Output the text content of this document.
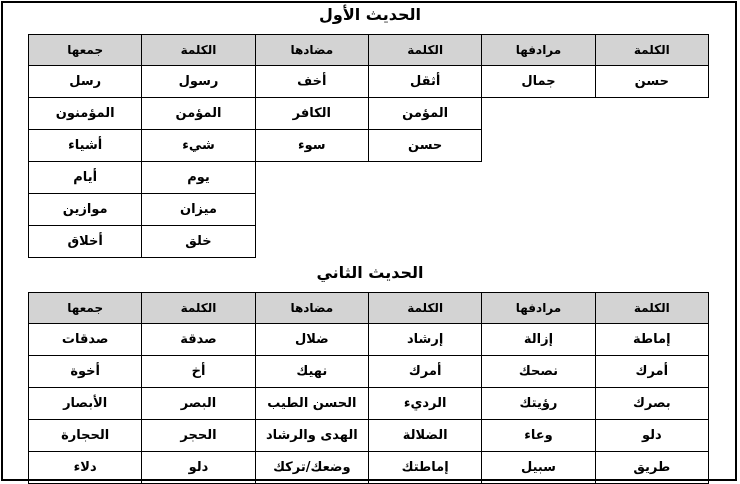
الحديث الأول
الكلمة	مرادفها	الكلمة	مضادها	الكلمة	جمعها
حسن	جمال	أثقل	أخف	رسول	رسل
		المؤمن	الكافر	المؤمن	المؤمنون
		حسن	سوء	شيء	أشياء
				يوم	أيام
				ميزان	موازين
				خلق	أخلاق
الحديث الثاني
الكلمة	مرادفها	الكلمة	مضادها	الكلمة	جمعها
إماطة	إزالة	إرشاد	ضلال	صدقة	صدقات
أمرك	نصحك	أمرك	نهيك	أخ	أخوة
بصرك	رؤيتك	الرديء	الحسن الطيب	البصر	الأبصار
دلو	وعاء	الضلالة	الهدى والرشاد	الحجر	الحجارة
طريق	سبيل	إماطتك	وضعك/تركك	دلو	دلاء
